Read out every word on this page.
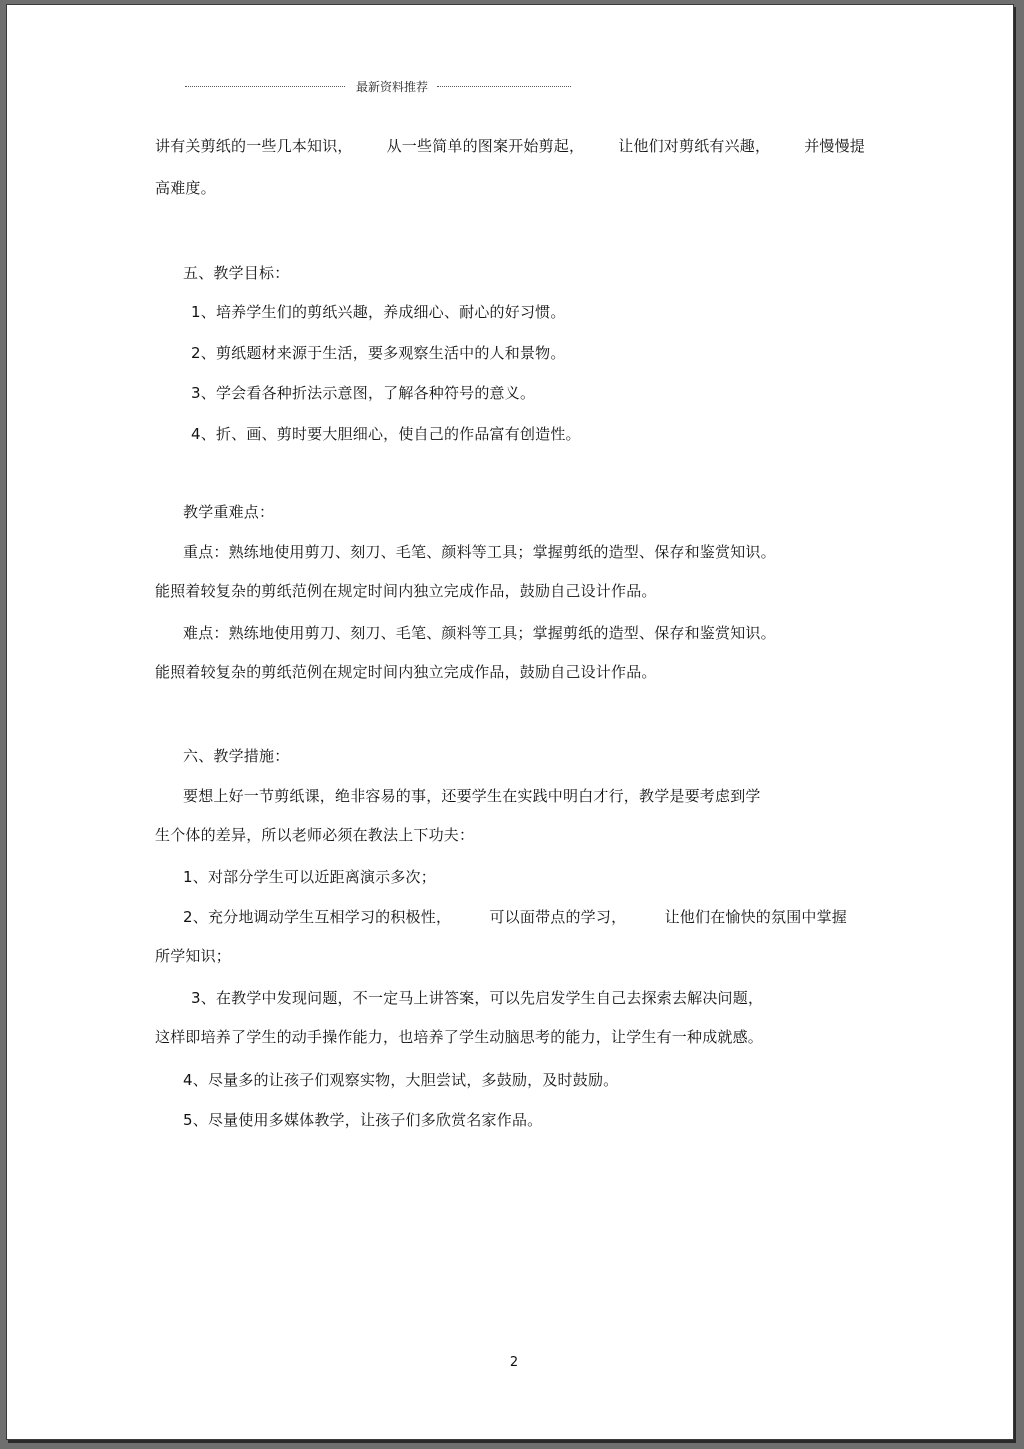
最新资料推荐
讲有关剪纸的一些几本知识， 从一些简单的图案开始剪起， 让他们对剪纸有兴趣， 并慢慢提
高难度。
五、教学目标：
1、培养学生们的剪纸兴趣，养成细心、耐心的好习惯。
2、剪纸题材来源于生活，要多观察生活中的人和景物。
3、学会看各种折法示意图，了解各种符号的意义。
4、折、画、剪时要大胆细心，使自己的作品富有创造性。
教学重难点：
重点：熟练地使用剪刀、刻刀、毛笔、颜料等工具；掌握剪纸的造型、保存和鉴赏知识。
能照着较复杂的剪纸范例在规定时间内独立完成作品，鼓励自己设计作品。
难点：熟练地使用剪刀、刻刀、毛笔、颜料等工具；掌握剪纸的造型、保存和鉴赏知识。
能照着较复杂的剪纸范例在规定时间内独立完成作品，鼓励自己设计作品。
六、教学措施：
要想上好一节剪纸课，绝非容易的事，还要学生在实践中明白才行，教学是要考虑到学
生个体的差异，所以老师必须在教法上下功夫：
1、对部分学生可以近距离演示多次；
2、充分地调动学生互相学习的积极性，	可以面带点的学习，	让他们在愉快的氛围中掌握
所学知识；
3、在教学中发现问题，不一定马上讲答案，可以先启发学生自己去探索去解决问题，
这样即培养了学生的动手操作能力，也培养了学生动脑思考的能力，让学生有一种成就感。
4、尽量多的让孩子们观察实物，大胆尝试，多鼓励，及时鼓励。
5、尽量使用多媒体教学，让孩子们多欣赏名家作品。
2
